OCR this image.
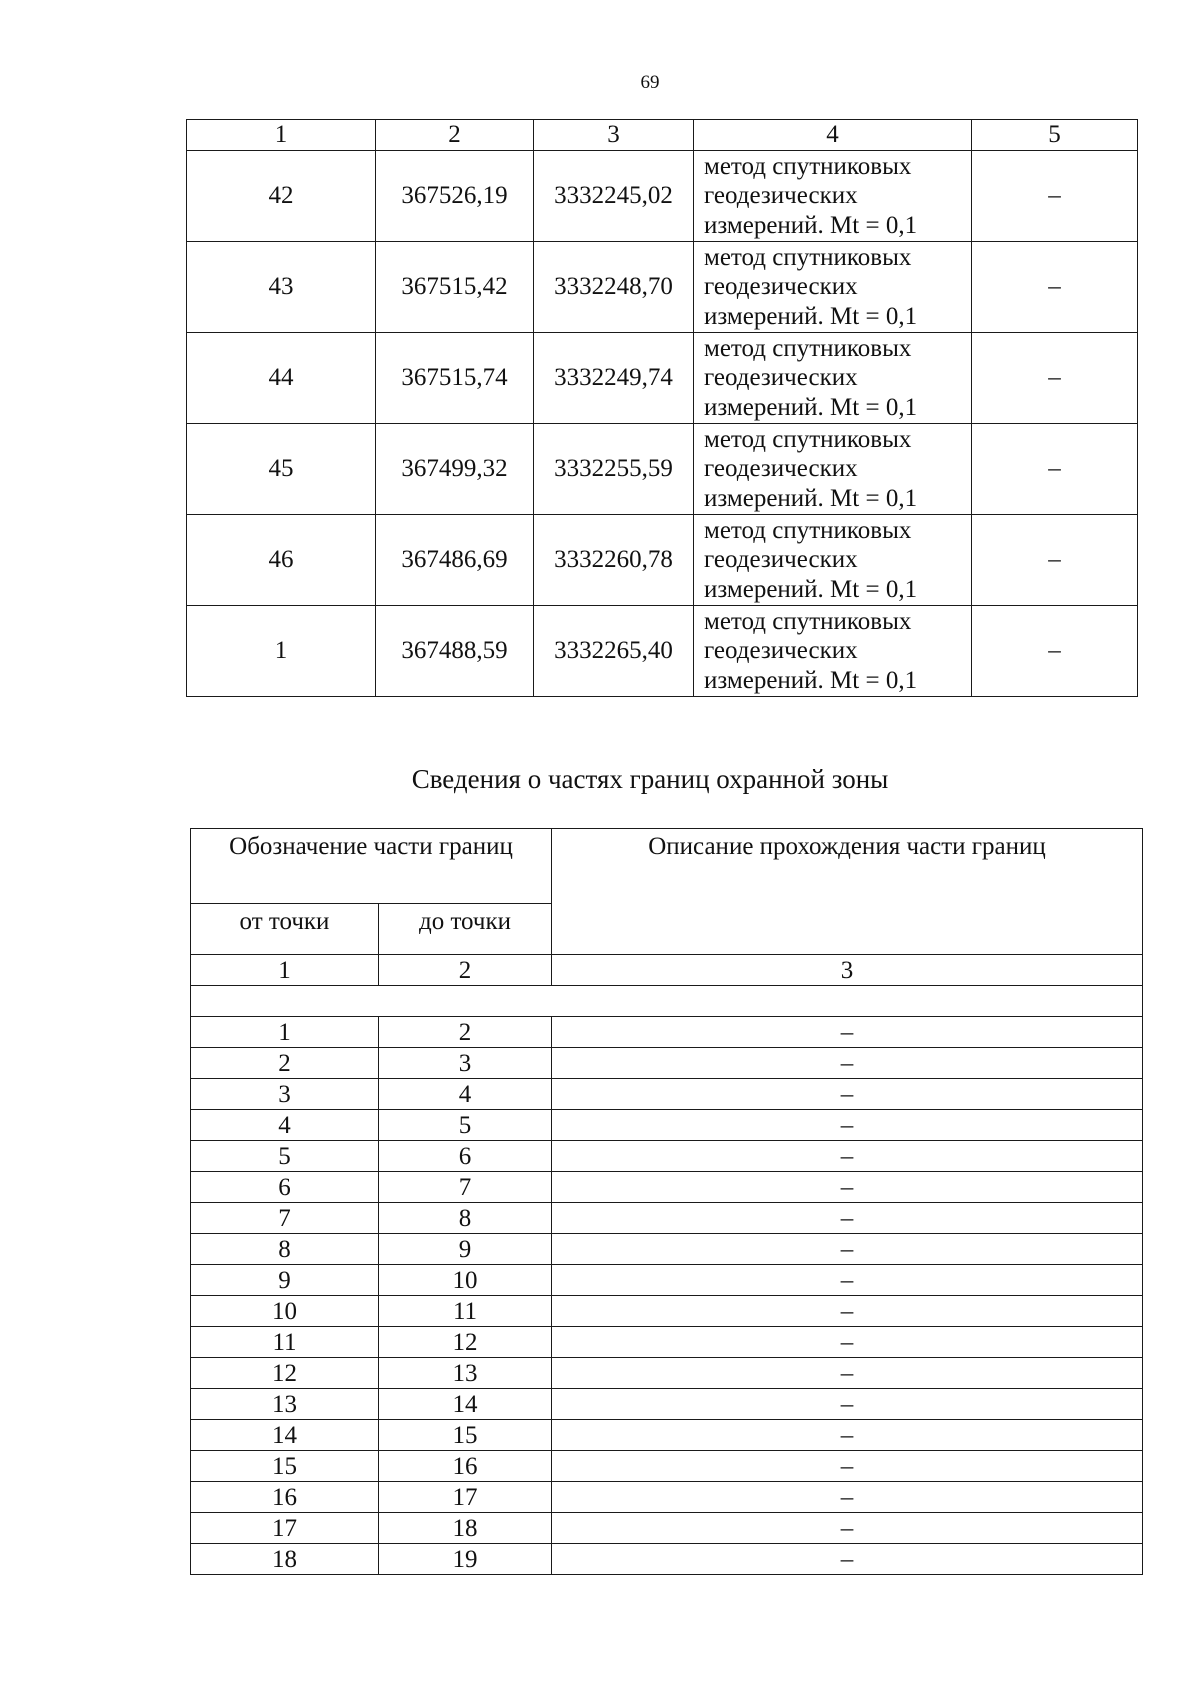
69
1	2	3	4	5
42	367526,19	3332245,02	метод спутниковых
геодезических
измерений. Mt = 0,1	–
43	367515,42	3332248,70	метод спутниковых
геодезических
измерений. Mt = 0,1	–
44	367515,74	3332249,74	метод спутниковых
геодезических
измерений. Mt = 0,1	–
45	367499,32	3332255,59	метод спутниковых
геодезических
измерений. Mt = 0,1	–
46	367486,69	3332260,78	метод спутниковых
геодезических
измерений. Mt = 0,1	–
1	367488,59	3332265,40	метод спутниковых
геодезических
измерений. Mt = 0,1	–
Сведения о частях границ охранной зоны
Обозначение части границ		Описание прохождения части границ
от точки	до точки	
1	2	3

1	2	–
2	3	–
3	4	–
4	5	–
5	6	–
6	7	–
7	8	–
8	9	–
9	10	–
10	11	–
11	12	–
12	13	–
13	14	–
14	15	–
15	16	–
16	17	–
17	18	–
18	19	–
